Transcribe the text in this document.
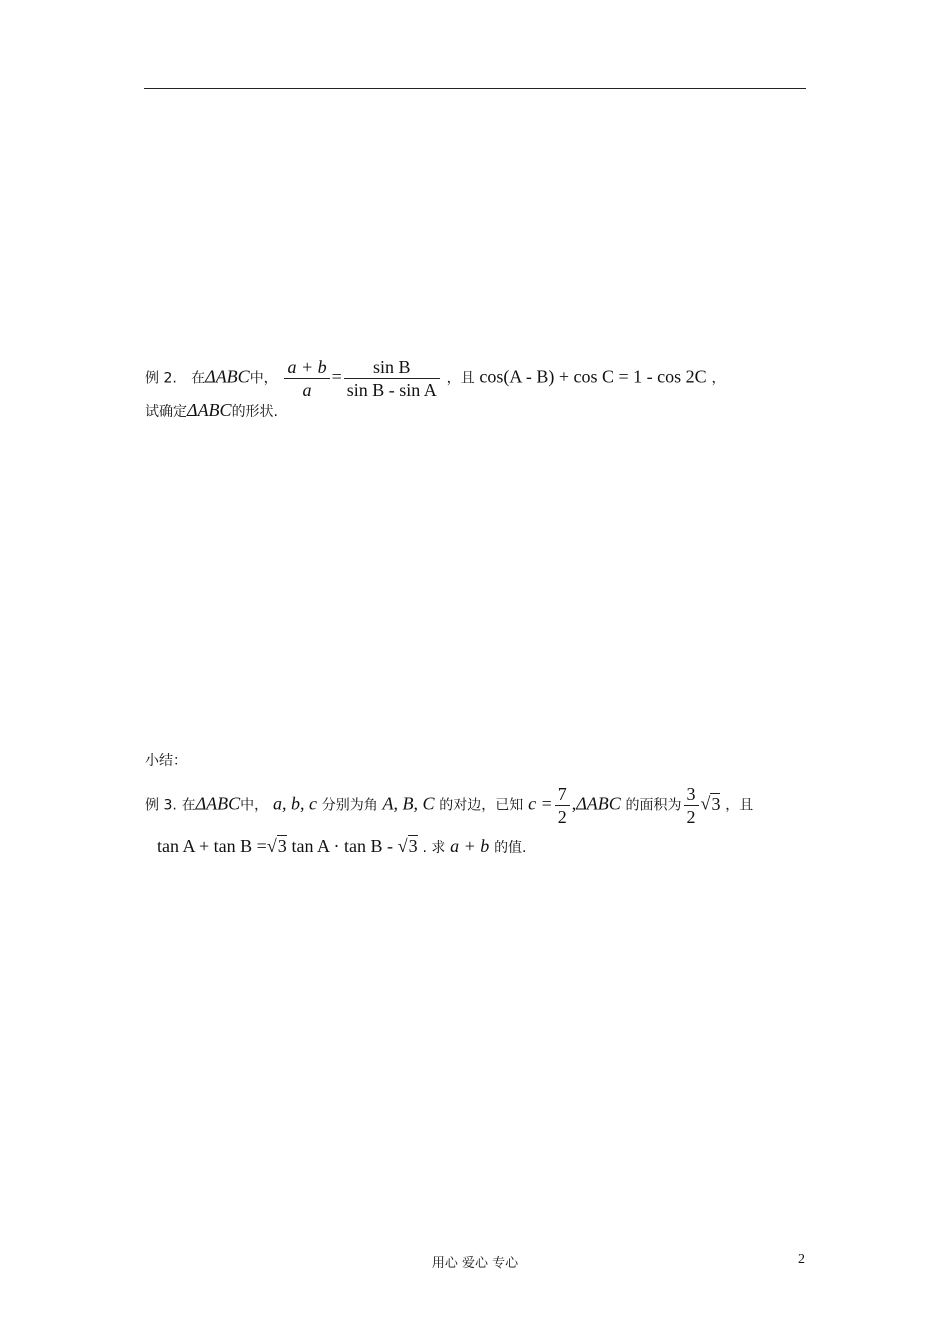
例 2. 在ΔABC中， $\frac{a + b}{a} = \frac{\text{sin B}}{\text{sin B - sin A}}$ ，且 cos(A - B) + cos C = 1 - cos 2C ，
试确定ΔABC的形状.
小结：
例 3. 在ΔABC中， a, b, c 分别为角 A, B, C 的对边，已知 $c = \frac{7}{2} ,\Delta ABC$ 的面积为 $\frac{3}{2} √3$ ，且
tan A + tan B =√3 tan A · tan B - √3 . 求 a + b 的值.
用心 爱心 专心	2
